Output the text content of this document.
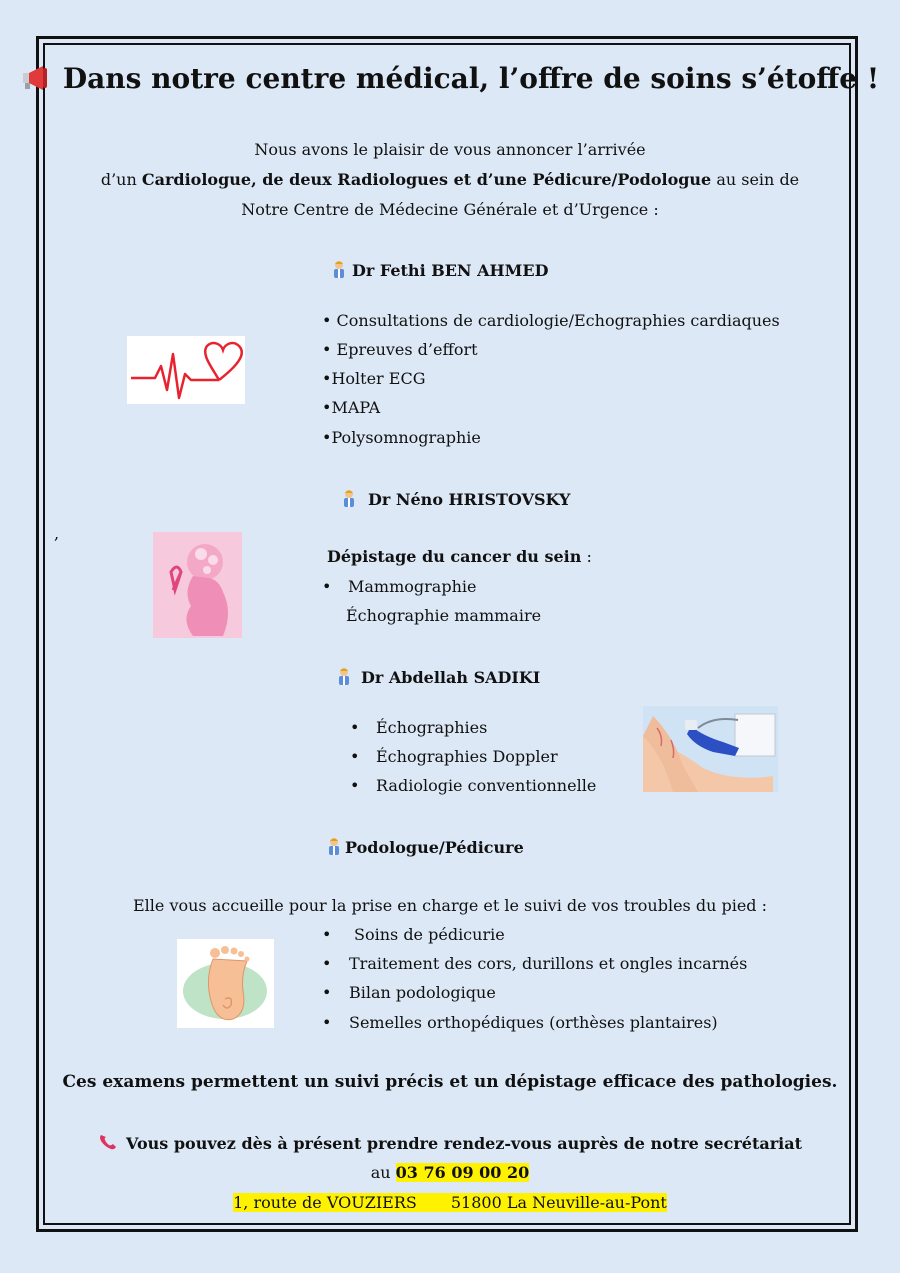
Dans notre centre médical, l’offre de soins s’étoffe !
Nous avons le plaisir de vous annoncer l’arrivée
d’un Cardiologue, de deux Radiologues et d’une Pédicure/Podologue au sein de
Notre Centre de Médecine Générale et d’Urgence :
Dr Fethi BEN AHMED
• Consultations de cardiologie/Echographies cardiaques
• Epreuves d’effort
•Holter ECG
•MAPA
•Polysomnographie
Dr Néno HRISTOVSKY
,
Dépistage du cancer du sein :
• Mammographie
Échographie mammaire
Dr Abdellah SADIKI
• Échographies
• Échographies Doppler
• Radiologie conventionnelle
Podologue/Pédicure
Elle vous accueille pour la prise en charge et le suivi de vos troubles du pied :
• Soins de pédicurie
• Traitement des cors, durillons et ongles incarnés
• Bilan podologique
• Semelles orthopédiques (orthèses plantaires)
Ces examens permettent un suivi précis et un dépistage efficace des pathologies.
Vous pouvez dès à présent prendre rendez-vous auprès de notre secrétariat
au 03 76 09 00 20
1, route de VOUZIERS 51800 La Neuville-au-Pont
